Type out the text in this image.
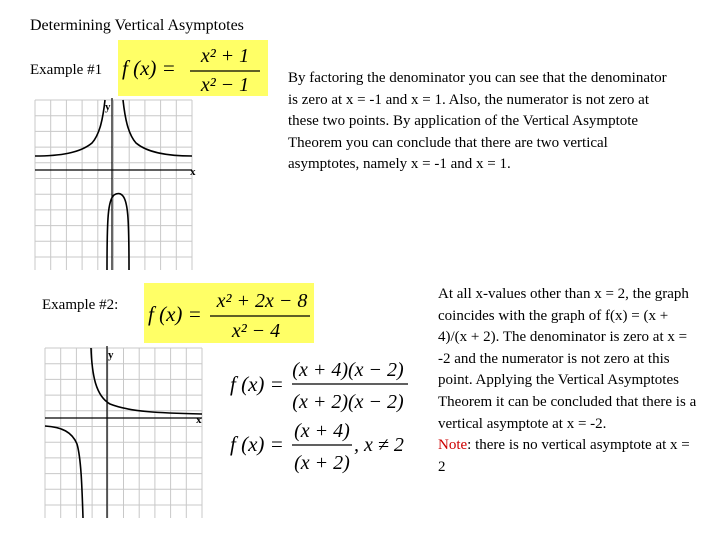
Determining Vertical Asymptotes
Example #1 f (x) = x² + 1
x² − 1
y
x
By factoring the denominator you can see that the denominator is zero at x = -1 and x = 1. Also, the numerator is not zero at these two points. By application of the Vertical Asymptote Theorem you can conclude that there are two vertical asymptotes, namely x = -1 and x = 1.
Example #2: f (x) =
x² + 2x − 8
x² − 4
y
x
f (x) =
(x + 4)(x − 2)
(x + 2)(x − 2)
f (x) =
(x + 4)
(x + 2)
, x ≠ 2
At all x-values other than x = 2, the graph coincides with the graph of f(x) = (x + 4)/(x + 2). The denominator is zero at x = -2 and the numerator is not zero at this point. Applying the Vertical Asymptotes Theorem it can be concluded that there is a vertical asymptote at x = -2.
Note: there is no vertical asymptote at x = 2
